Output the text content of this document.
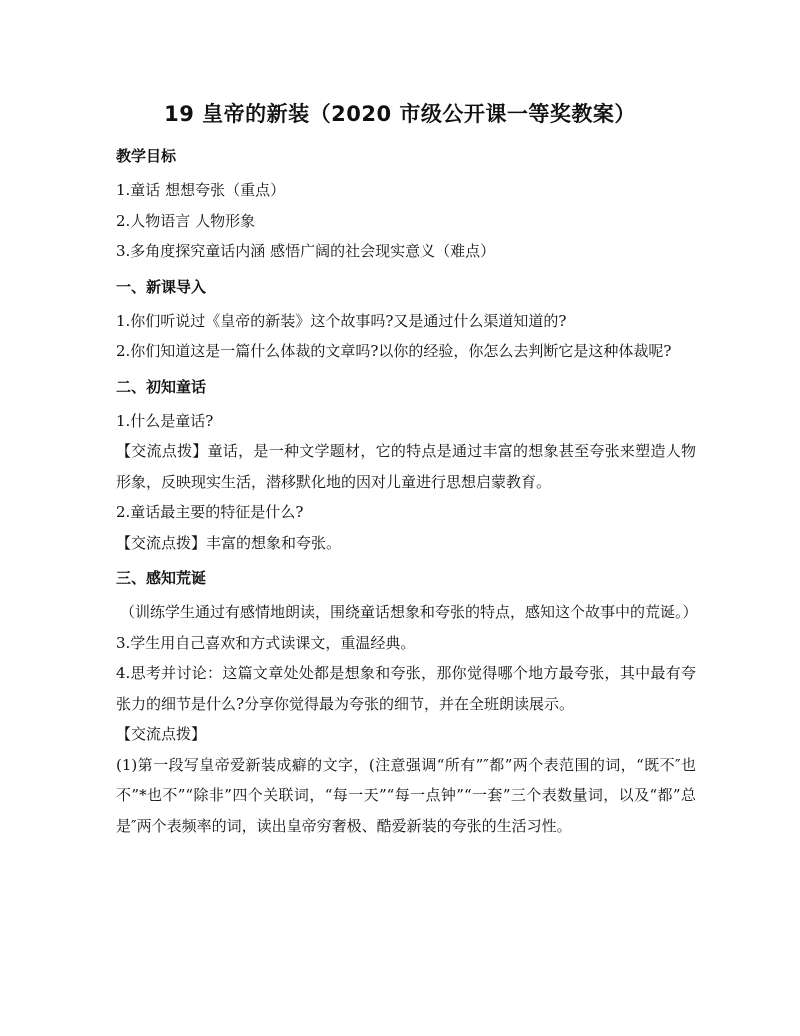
19 皇帝的新装（2020 市级公开课一等奖教案）
教学目标
1.童话 想想夸张（重点）
2.人物语言 人物形象
3.多角度探究童话内涵 感悟广阔的社会现实意义（难点）
一、新课导入
1.你们听说过《皇帝的新装》这个故事吗?又是通过什么渠道知道的?
2.你们知道这是一篇什么体裁的文章吗?以你的经验，你怎么去判断它是这种体裁呢?
二、初知童话
1.什么是童话?
【交流点拨】童话，是一种文学题材，它的特点是通过丰富的想象甚至夸张来塑造人物形象，反映现实生活，潜移默化地的因对儿童进行思想启蒙教育。
2.童话最主要的特征是什么?
【交流点拨】丰富的想象和夸张。
三、感知荒诞
（训练学生通过有感情地朗读，围绕童话想象和夸张的特点，感知这个故事中的荒诞。）
3.学生用自己喜欢和方式读课文，重温经典。
4.思考并讨论：这篇文章处处都是想象和夸张，那你觉得哪个地方最夸张，其中最有夸张力的细节是什么?分享你觉得最为夸张的细节，并在全班朗读展示。
【交流点拨】
(1)第一段写皇帝爱新装成癖的文字，(注意强调“所有”″都”两个表范围的词，“既不″也不”*也不”“除非”四个关联词，“每一天”“每一点钟”“一套”三个表数量词，以及“都”总是″两个表频率的词，读出皇帝穷奢极、酷爱新装的夸张的生活习性。
